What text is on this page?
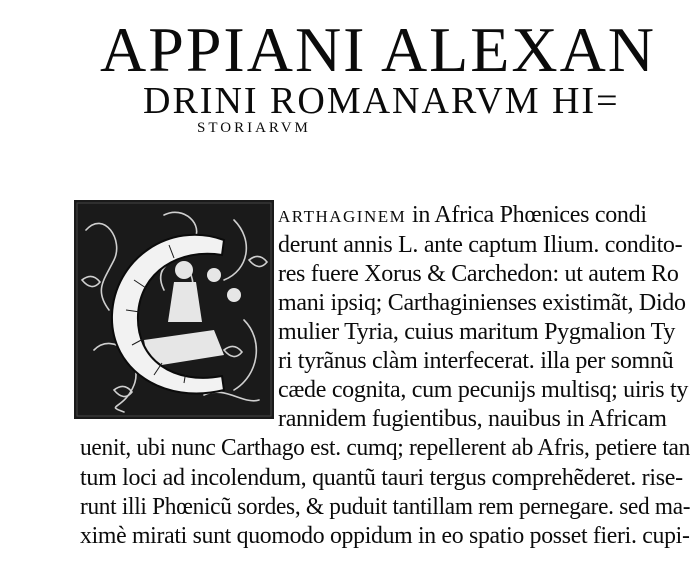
APPIANI ALEXAN
DRINI ROMANARVM HI=
STORIARVM
ARTHAGINEM in Africa Phœnices condi
derunt annis L. ante captum Ilium. condito-
res fuere Xorus & Carchedon: ut autem Ro
mani ipsiq; Carthaginienses existimãt, Dido
mulier Tyria, cuius maritum Pygmalion Ty
ri tyrãnus clàm interfecerat. illa per somnũ
cæde cognita, cum pecunijs multisq; uiris ty
rannidem fugientibus, nauibus in Africam
uenit, ubi nunc Carthago est. cumq; repellerent ab Afris, petiere tan
tum loci ad incolendum, quantũ tauri tergus comprehẽderet. rise-
runt illi Phœnicũ sordes, & puduit tantillam rem pernegare. sed ma-
ximè mirati sunt quomodo oppidum in eo spatio posset fieri. cupi-
